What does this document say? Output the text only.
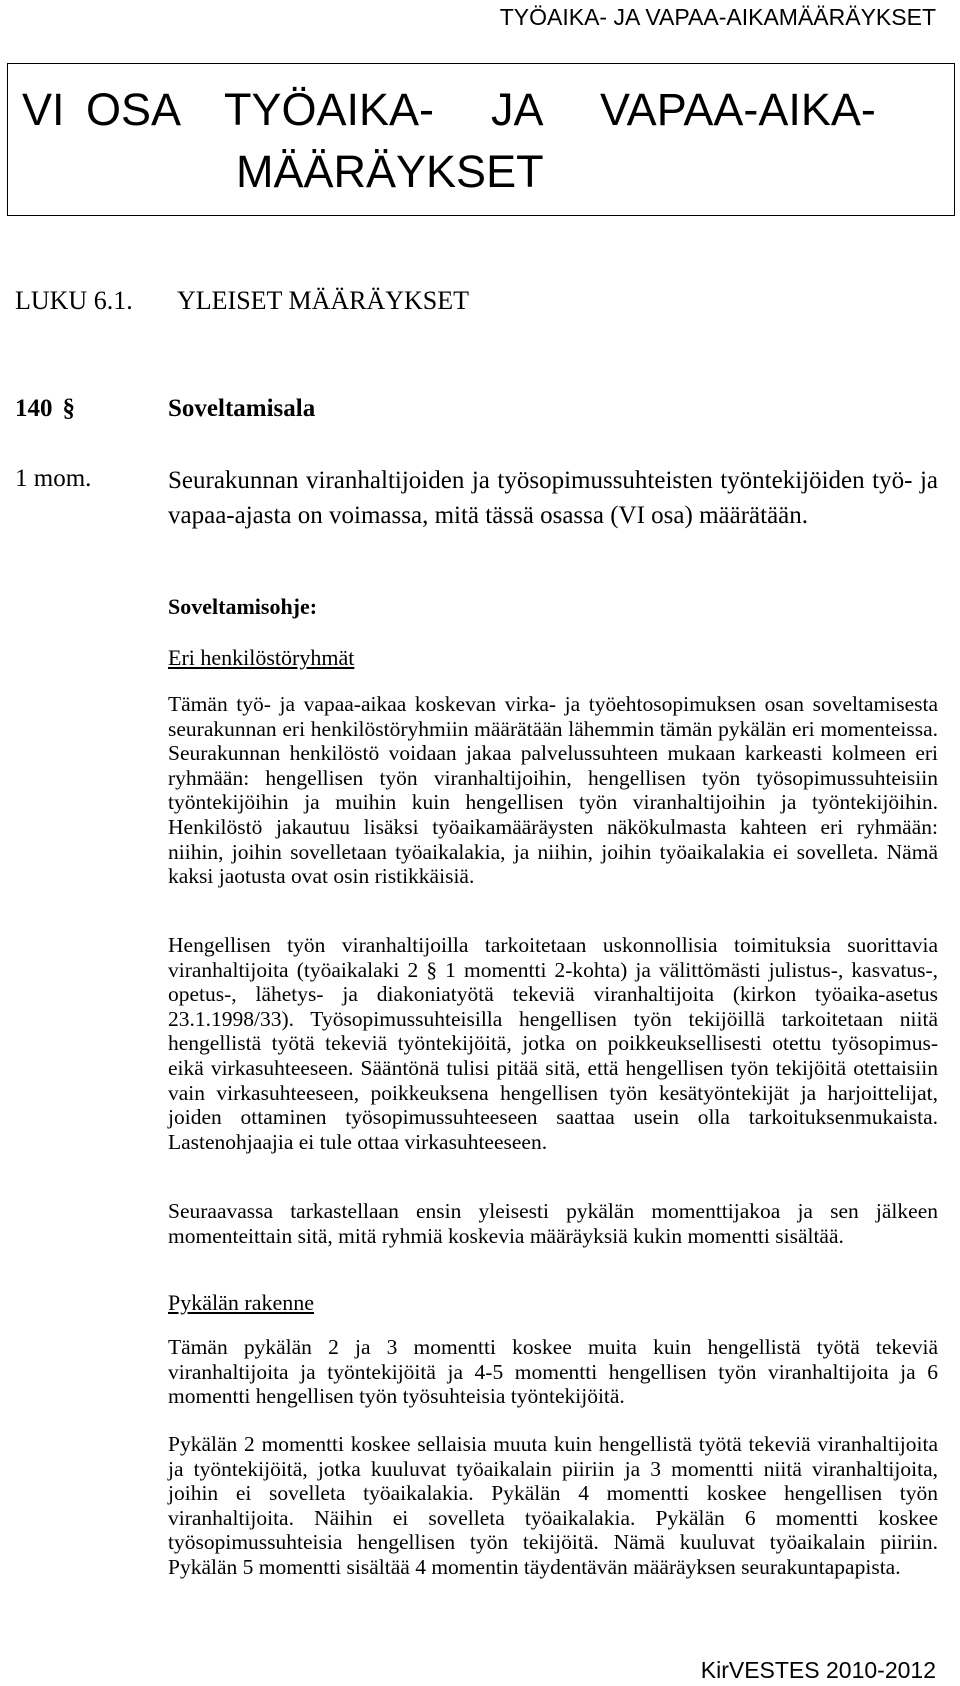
TYÖAIKA- JA VAPAA-AIKAMÄÄRÄYKSET
VI OSA TYÖAIKA- JA VAPAA-AIKA-
MÄÄRÄYKSET
LUKU 6.1. YLEISET MÄÄRÄYKSET
140 §	Soveltamisala
1 mom.	Seurakunnan viranhaltijoiden ja työsopimussuhteisten työntekijöiden työ- ja vapaa-ajasta on voimassa, mitä tässä osassa (VI osa) määrätään.
Soveltamisohje:
Eri henkilöstöryhmät
Tämän työ- ja vapaa-aikaa koskevan virka- ja työehtosopimuksen osan soveltamisesta seurakunnan eri henkilöstöryhmiin määrätään lähemmin tämän pykälän eri momenteissa. Seurakunnan henkilöstö voidaan jakaa palvelussuhteen mukaan karkeasti kolmeen eri ryhmään: hengellisen työn viranhaltijoihin, hengellisen työn työsopimussuhteisiin työntekijöihin ja muihin kuin hengellisen työn viranhaltijoihin ja työntekijöihin. Henkilöstö jakautuu lisäksi työaikamääräysten näkökulmasta kahteen eri ryhmään: niihin, joihin sovelletaan työaikalakia, ja niihin, joihin työaikalakia ei sovelleta. Nämä kaksi jaotusta ovat osin ristikkäisiä.
Hengellisen työn viranhaltijoilla tarkoitetaan uskonnollisia toimituksia suorittavia viranhaltijoita (työaikalaki 2 § 1 momentti 2-kohta) ja välittömästi julistus-, kasvatus-, opetus-, lähetys- ja diakoniatyötä tekeviä viranhaltijoita (kirkon työaika-asetus 23.1.1998/33). Työsopimussuhteisilla hengellisen työn tekijöillä tarkoitetaan niitä hengellistä työtä tekeviä työntekijöitä, jotka on poikkeuksellisesti otettu työsopimus- eikä virkasuhteeseen. Sääntönä tulisi pitää sitä, että hengellisen työn tekijöitä otettaisiin vain virkasuhteeseen, poikkeuksena hengellisen työn kesätyöntekijät ja harjoittelijat, joiden ottaminen työsopimussuhteeseen saattaa usein olla tarkoituksenmukaista. Lastenohjaajia ei tule ottaa virkasuhteeseen.
Seuraavassa tarkastellaan ensin yleisesti pykälän momenttijakoa ja sen jälkeen momenteittain sitä, mitä ryhmiä koskevia määräyksiä kukin momentti sisältää.
Pykälän rakenne
Tämän pykälän 2 ja 3 momentti koskee muita kuin hengellistä työtä tekeviä viranhaltijoita ja työntekijöitä ja 4-5 momentti hengellisen työn viranhaltijoita ja 6 momentti hengellisen työn työsuhteisia työntekijöitä.
Pykälän 2 momentti koskee sellaisia muuta kuin hengellistä työtä tekeviä viranhaltijoita ja työntekijöitä, jotka kuuluvat työaikalain piiriin ja 3 momentti niitä viranhaltijoita, joihin ei sovelleta työaikalakia. Pykälän 4 momentti koskee hengellisen työn viranhaltijoita. Näihin ei sovelleta työaikalakia. Pykälän 6 momentti koskee työsopimussuhteisia hengellisen työn tekijöitä. Nämä kuuluvat työaikalain piiriin. Pykälän 5 momentti sisältää 4 momentin täydentävän määräyksen seurakuntapapista.
KirVESTES 2010-2012
